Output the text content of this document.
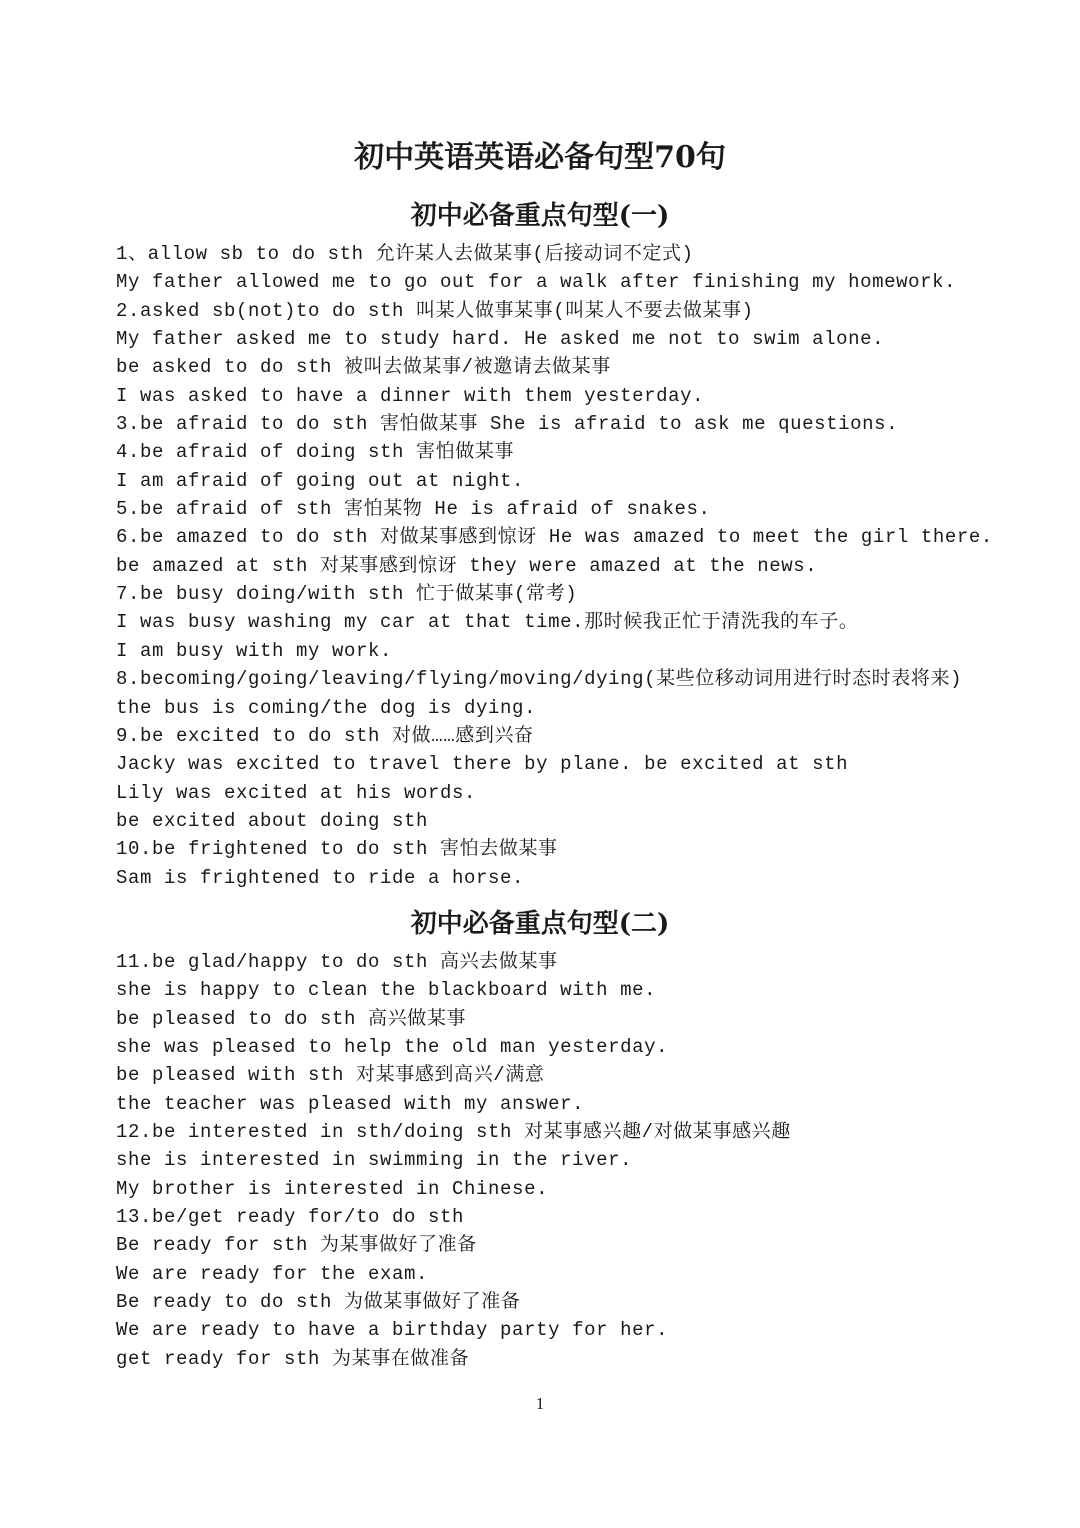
初中英语英语必备句型70句
初中必备重点句型(一)
1、allow sb to do sth 允许某人去做某事(后接动词不定式)
My father allowed me to go out for a walk after finishing my homework.
2.asked sb(not)to do sth 叫某人做事某事(叫某人不要去做某事)
My father asked me to study hard. He asked me not to swim alone.
be asked to do sth 被叫去做某事/被邀请去做某事
I was asked to have a dinner with them yesterday.
3.be afraid to do sth 害怕做某事 She is afraid to ask me questions.
4.be afraid of doing sth 害怕做某事
I am afraid of going out at night.
5.be afraid of sth 害怕某物 He is afraid of snakes.
6.be amazed to do sth 对做某事感到惊讶 He was amazed to meet the girl there.
be amazed at sth 对某事感到惊讶 they were amazed at the news.
7.be busy doing/with sth 忙于做某事(常考)
I was busy washing my car at that time.那时候我正忙于清洗我的车子。
I am busy with my work.
8.becoming/going/leaving/flying/moving/dying(某些位移动词用进行时态时表将来)
the bus is coming/the dog is dying.
9.be excited to do sth 对做……感到兴奋
Jacky was excited to travel there by plane. be excited at sth
Lily was excited at his words.
be excited about doing sth
10.be frightened to do sth 害怕去做某事
Sam is frightened to ride a horse.
初中必备重点句型(二)
11.be glad/happy to do sth 高兴去做某事
she is happy to clean the blackboard with me.
be pleased to do sth 高兴做某事
she was pleased to help the old man yesterday.
be pleased with sth 对某事感到高兴/满意
the teacher was pleased with my answer.
12.be interested in sth/doing sth 对某事感兴趣/对做某事感兴趣
she is interested in swimming in the river.
My brother is interested in Chinese.
13.be/get ready for/to do sth
Be ready for sth 为某事做好了准备
We are ready for the exam.
Be ready to do sth 为做某事做好了准备
We are ready to have a birthday party for her.
get ready for sth 为某事在做准备
1
